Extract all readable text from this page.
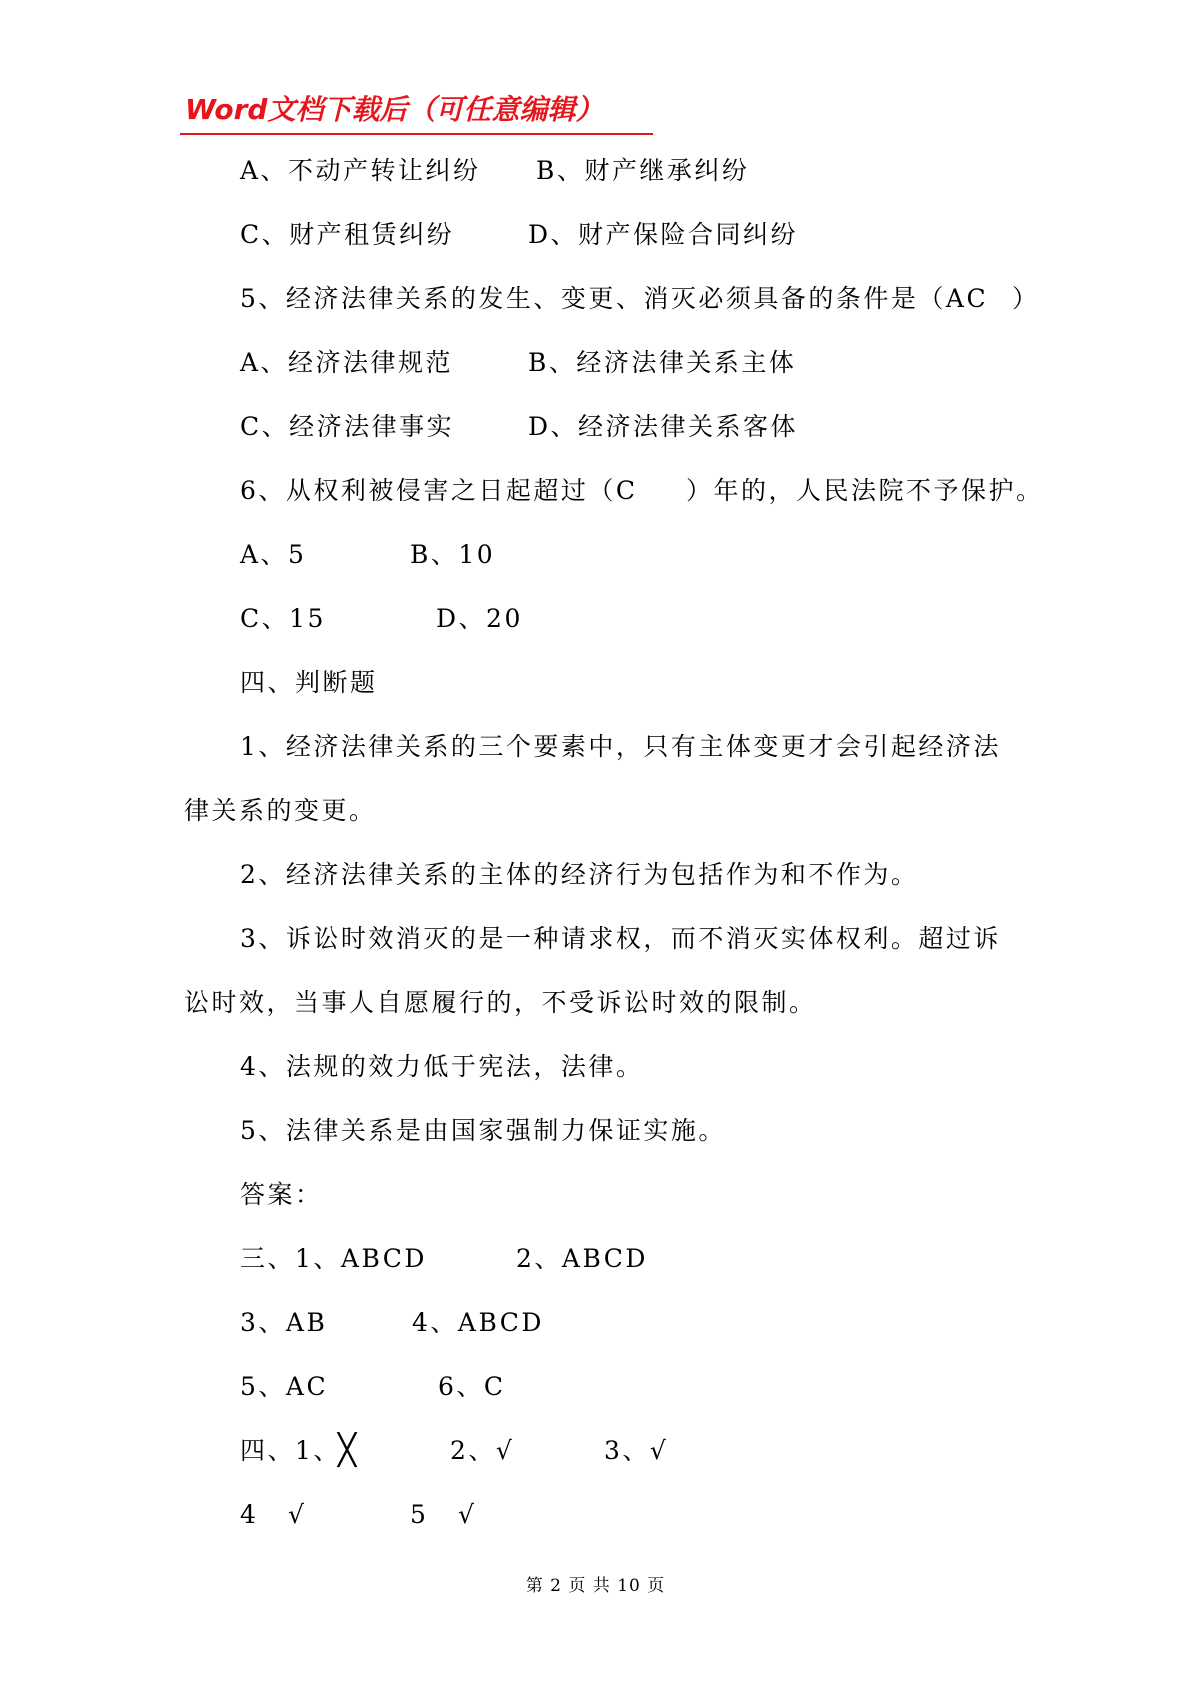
Word文档下载后（可任意编辑）
A、不动产转让纠纷 B、财产继承纠纷
C、财产租赁纠纷	D、财产保险合同纠纷
5、经济法律关系的发生、变更、消灭必须具备的条件是（AC ）
A、经济法律规范	B、经济法律关系主体
C、经济法律事实	D、经济法律关系客体
6、从权利被侵害之日起超过（C ）年的，人民法院不予保护。
A、5	B、10
C、15	D、20
四、判断题
1、经济法律关系的三个要素中，只有主体变更才会引起经济法
律关系的变更。
2、经济法律关系的主体的经济行为包括作为和不作为。
3、诉讼时效消灭的是一种请求权，而不消灭实体权利。超过诉
讼时效，当事人自愿履行的，不受诉讼时效的限制。
4、法规的效力低于宪法，法律。
5、法律关系是由国家强制力保证实施。
答案：
三、1、ABCD	2、ABCD
3、AB	4、ABCD
5、AC	6、C
四、1、
╳	2、√	3、√
4 √	5 √
第 2 页 共 10 页
